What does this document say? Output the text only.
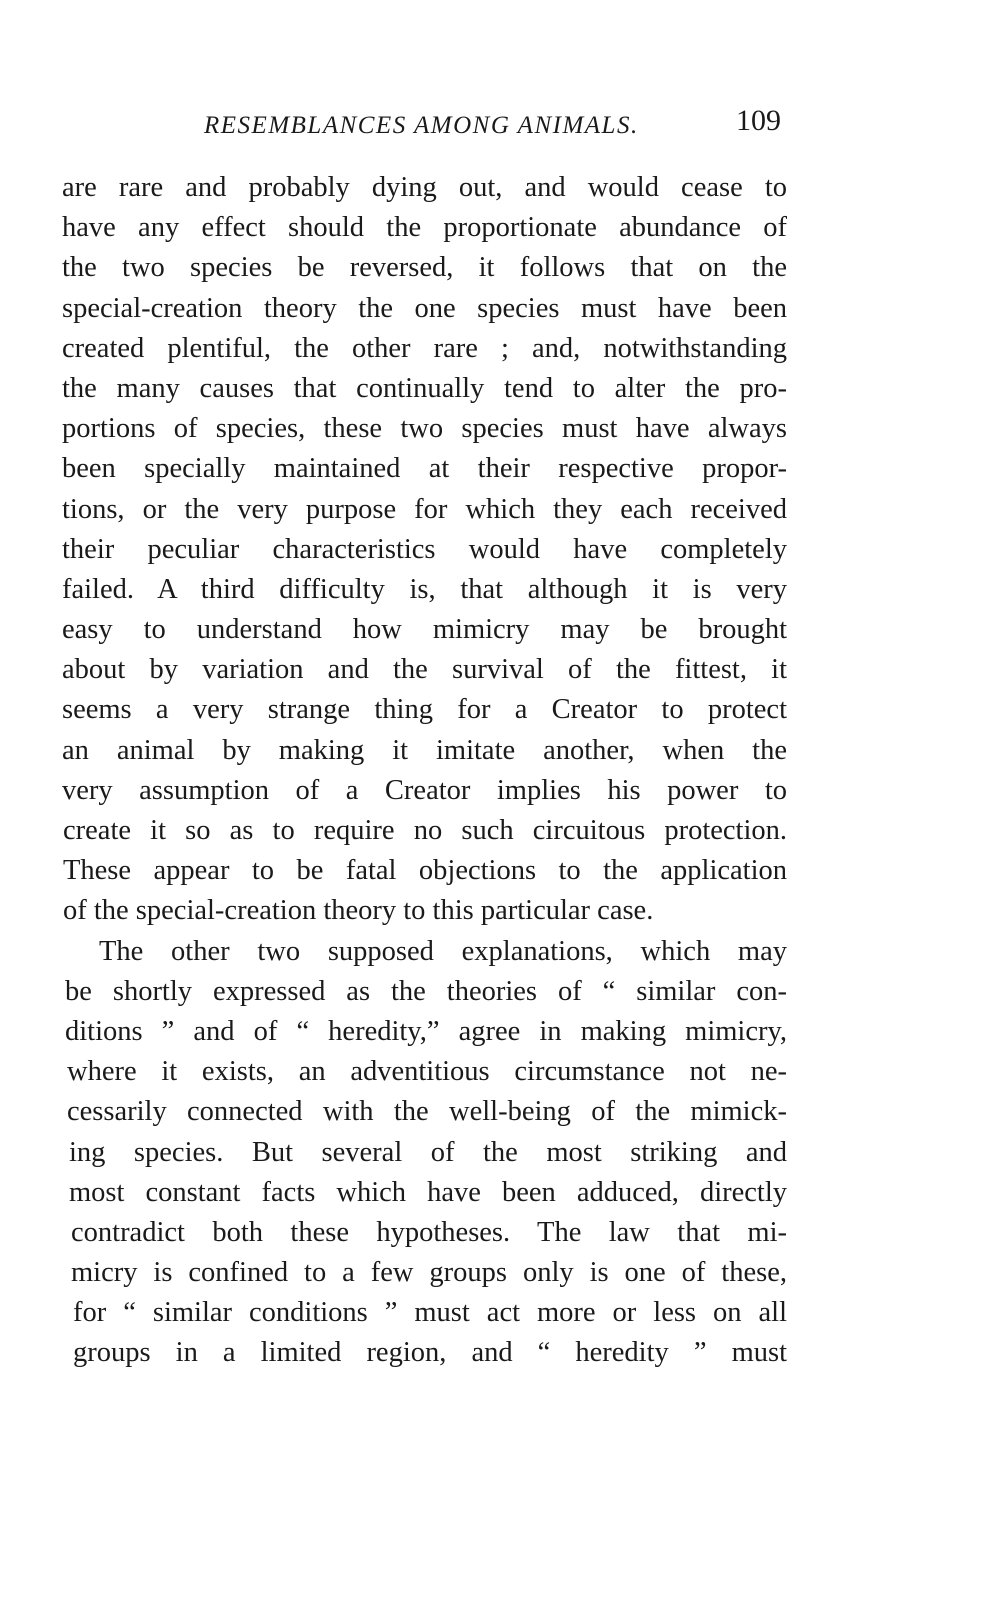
RESEMBLANCES AMONG ANIMALS.	109
are rare and probably dying out, and would cease to
have any effect should the proportionate abundance of
the two species be reversed, it follows that on the
special-creation theory the one species must have been
created plentiful, the other rare ; and, notwithstanding
the many causes that continually tend to alter the pro-
portions of species, these two species must have always
been specially maintained at their respective propor-
tions, or the very purpose for which they each received
their peculiar characteristics would have completely
failed. A third difficulty is, that although it is very
easy to understand how mimicry may be brought
about by variation and the survival of the fittest, it
seems a very strange thing for a Creator to protect
an animal by making it imitate another, when the
very assumption of a Creator implies his power to
create it so as to require no such circuitous protection.
These appear to be fatal objections to the application
of the special-creation theory to this particular case.
The other two supposed explanations, which may
be shortly expressed as the theories of “ similar con-
ditions ” and of “ heredity,” agree in making mimicry,
where it exists, an adventitious circumstance not ne-
cessarily connected with the well-being of the mimick-
ing species. But several of the most striking and
most constant facts which have been adduced, directly
contradict both these hypotheses. The law that mi-
micry is confined to a few groups only is one of these,
for “ similar conditions ” must act more or less on all
groups in a limited region, and “ heredity ” must
